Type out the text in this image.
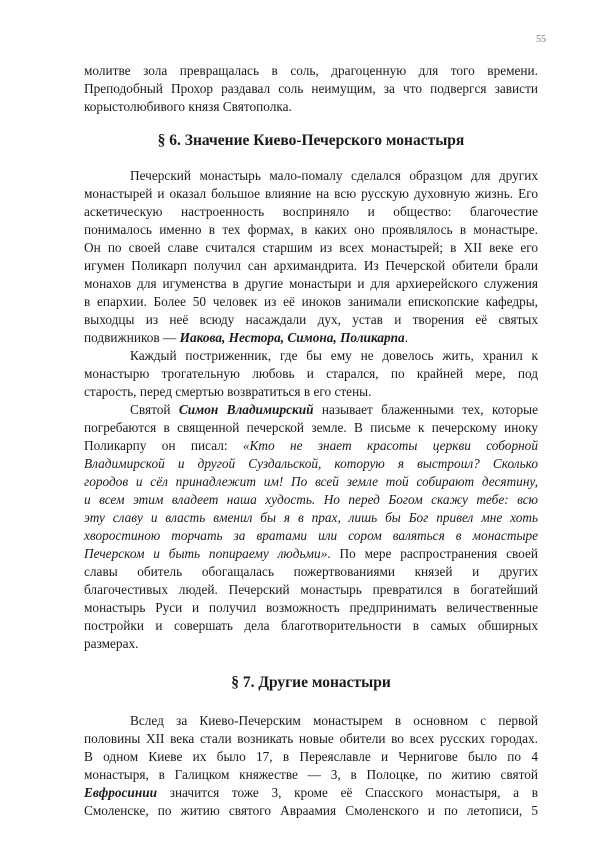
55
молитве зола превращалась в соль, драгоценную для того времени.
Преподобный Прохор раздавал соль неимущим, за что подвергся зависти
корыстолюбивого князя Святополка.
§ 6. Значение Киево-Печерского монастыря
Печерский монастырь мало-помалу сделался образцом для других
монастырей и оказал большое влияние на всю русскую духовную жизнь. Его
аскетическую настроенность восприняло и общество: благочестие
понималось именно в тех формах, в каких оно проявлялось в монастыре.
Он по своей славе считался старшим из всех монастырей; в XII веке его
игумен Поликарп получил сан архимандрита. Из Печерской обители брали
монахов для игуменства в другие монастыри и для архиерейского служения
в епархии. Более 50 человек из её иноков занимали епископские кафедры,
выходцы из неё всюду насаждали дух, устав и творения её святых
подвижников — Иакова, Нестора, Симона, Поликарпа.
Каждый постриженник, где бы ему не довелось жить, хранил к
монастырю трогательную любовь и старался, по крайней мере, под
старость, перед смертью возвратиться в его стены.
Святой Симон Владимирский называет блаженными тех, которые
погребаются в священной печерской земле. В письме к печерскому иноку
Поликарпу он писал: «Кто не знает красоты церкви соборной
Владимирской и другой Суздальской, которую я выстроил? Сколько
городов и сёл принадлежит им! По всей земле той собирают десятину,
и всем этим владеет наша худость. Но перед Богом скажу тебе: всю
эту славу и власть вменил бы я в прах, лишь бы Бог привел мне хоть
хворостиною торчать за вратами или сором валяться в монастыре
Печерском и быть попираему людьми». По мере распространения своей
славы обитель обогащалась пожертвованиями князей и других
благочестивых людей. Печерский монастырь превратился в богатейший
монастырь Руси и получил возможность предпринимать величественные
постройки и совершать дела благотворительности в самых обширных
размерах.
§ 7. Другие монастыри
Вслед за Киево-Печерским монастырем в основном с первой
половины XII века стали возникать новые обители во всех русских городах.
В одном Киеве их было 17, в Переяславле и Чернигове было по 4
монастыря, в Галицком княжестве — 3, в Полоцке, по житию святой
Евфросинии значится тоже 3, кроме её Спасского монастыря, а в
Смоленске, по житию святого Авраамия Смоленского и по летописи, 5
